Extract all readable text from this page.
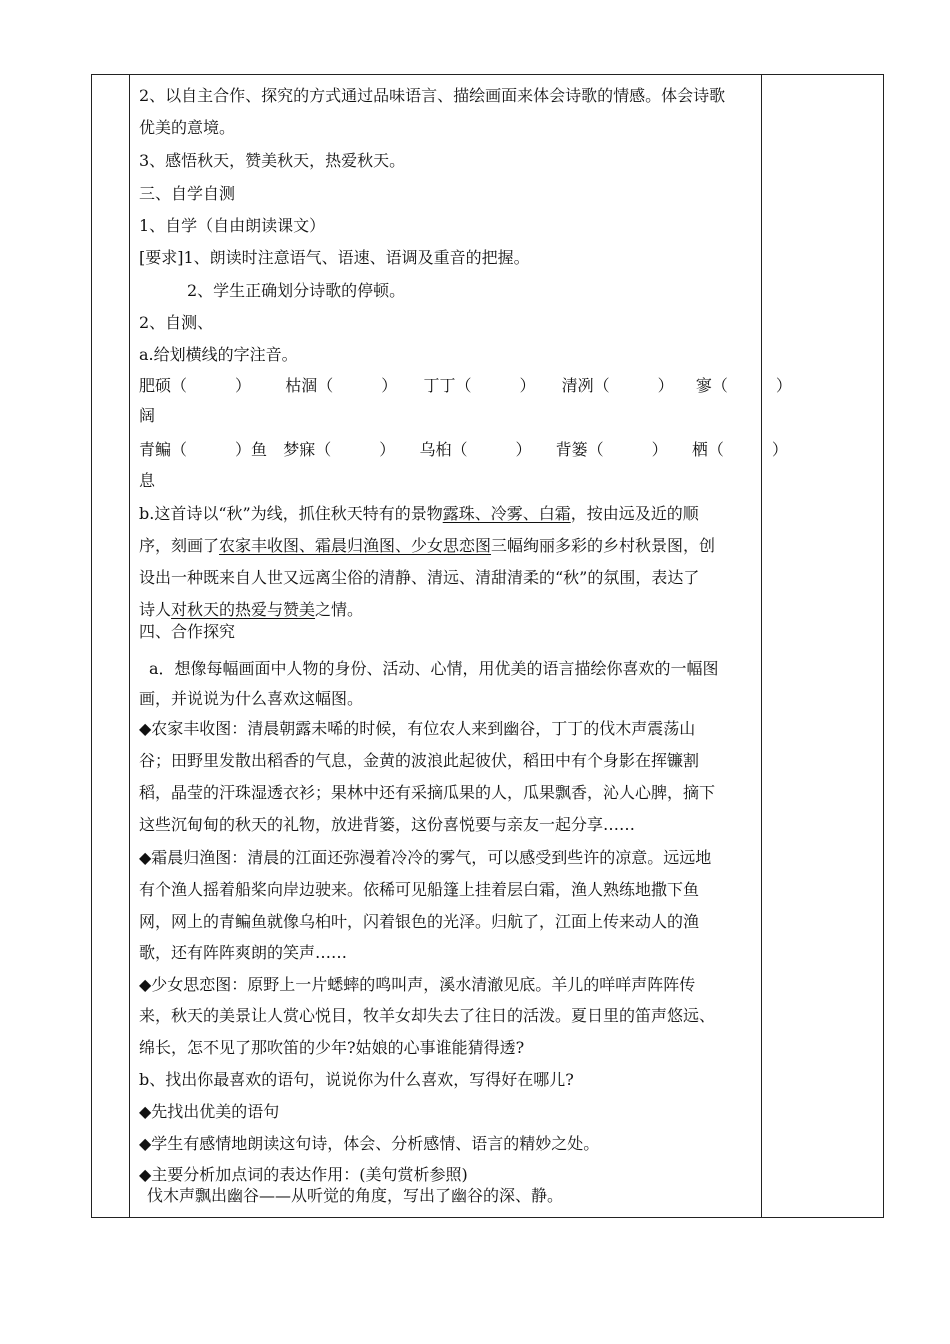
2、以自主合作、探究的方式通过品味语言、描绘画面来体会诗歌的情感。体会诗歌
优美的意境。
3、感悟秋天，赞美秋天，热爱秋天。
三、自学自测
1、自学（自由朗读课文）
[要求]1、朗读时注意语气、语速、语调及重音的把握。
2、学生正确划分诗歌的停顿。
2、自测、
a.给划横线的字注音。
肥硕（　　　） 枯涸（　　　） 丁丁（　　　） 清冽（　　　） 寥（　　　）
阔
青鳊（　　　）鱼 梦寐（　　　） 乌桕（　　　） 背篓（　　　） 栖（　　　）
息
b.这首诗以“秋”为线，抓住秋天特有的景物露珠、冷雾、白霜，按由远及近的顺
序，刻画了农家丰收图、霜晨归渔图、少女思恋图三幅绚丽多彩的乡村秋景图，创
设出一种既来自人世又远离尘俗的清静、清远、清甜清柔的“秋”的氛围，表达了
诗人对秋天的热爱与赞美之情。
四、合作探究
a．想像每幅画面中人物的身份、活动、心情，用优美的语言描绘你喜欢的一幅图
画，并说说为什么喜欢这幅图。
◆农家丰收图：清晨朝露未唏的时候，有位农人来到幽谷，丁丁的伐木声震荡山
谷；田野里发散出稻香的气息，金黄的波浪此起彼伏，稻田中有个身影在挥镰割
稻，晶莹的汗珠湿透衣衫；果林中还有采摘瓜果的人，瓜果飘香，沁人心脾，摘下
这些沉甸甸的秋天的礼物，放进背篓，这份喜悦要与亲友一起分享……
◆霜晨归渔图：清晨的江面还弥漫着冷冷的雾气，可以感受到些许的凉意。远远地
有个渔人摇着船桨向岸边驶来。依稀可见船篷上挂着层白霜，渔人熟练地撒下鱼
网，网上的青鳊鱼就像乌桕叶，闪着银色的光泽。归航了，江面上传来动人的渔
歌，还有阵阵爽朗的笑声……
◆少女思恋图：原野上一片蟋蟀的鸣叫声，溪水清澈见底。羊儿的咩咩声阵阵传
来，秋天的美景让人赏心悦目，牧羊女却失去了往日的活泼。夏日里的笛声悠远、
绵长，怎不见了那吹笛的少年?姑娘的心事谁能猜得透?
b、找出你最喜欢的语句，说说你为什么喜欢，写得好在哪儿?
◆先找出优美的语句
◆学生有感情地朗读这句诗，体会、分析感情、语言的精妙之处。
◆主要分析加点词的表达作用：(美句赏析参照)
伐木声飘出幽谷——从听觉的角度，写出了幽谷的深、静。
